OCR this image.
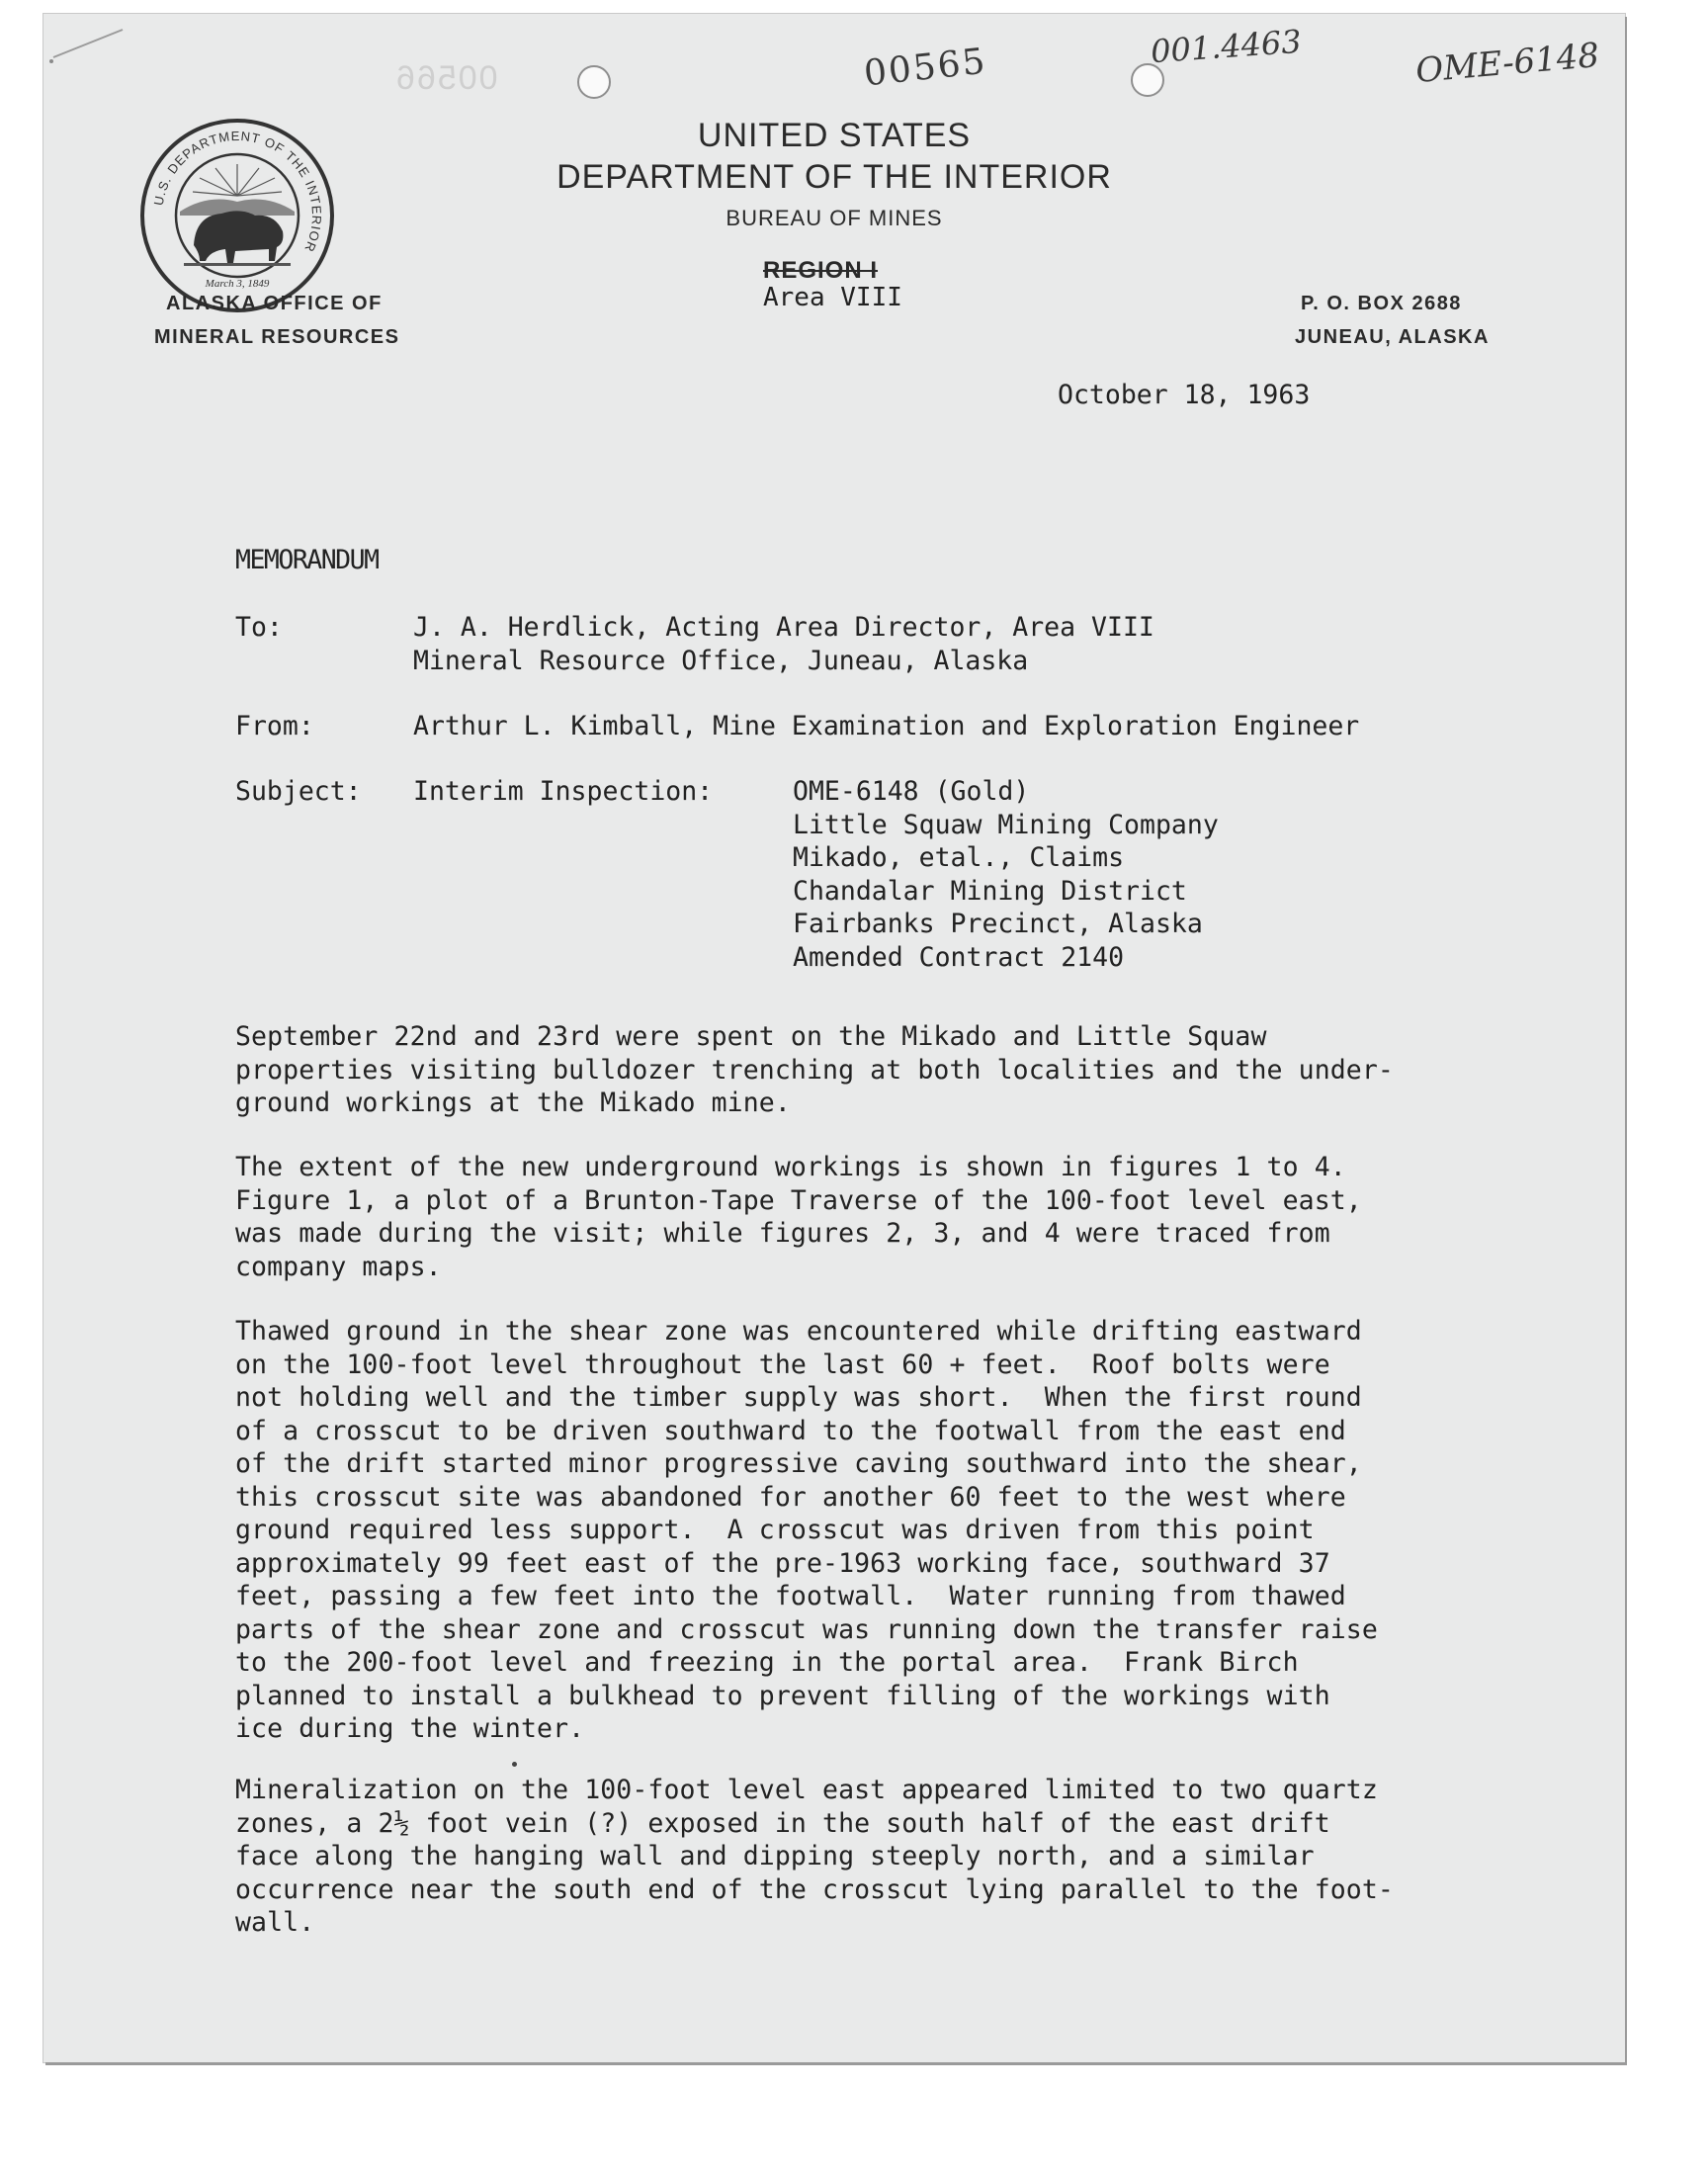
00566	00565	001.4463	OME-6148
U.S. DEPARTMENT OF THE INTERIOR
March 3, 1849
UNITED STATES
DEPARTMENT OF THE INTERIOR
BUREAU OF MINES
REGION I
Area VIII
ALASKA OFFICE OF
MINERAL RESOURCES
P. O. BOX 2688
JUNEAU, ALASKA
October 18, 1963
MEMORANDUM
To:	J. A. Herdlick, Acting Area Director, Area VIII
Mineral Resource Office, Juneau, Alaska
From:	Arthur L. Kimball, Mine Examination and Exploration Engineer
Subject: Interim Inspection:	OME-6148 (Gold)
Little Squaw Mining Company
Mikado, etal., Claims
Chandalar Mining District
Fairbanks Precinct, Alaska
Amended Contract 2140
September 22nd and 23rd were spent on the Mikado and Little Squaw
properties visiting bulldozer trenching at both localities and the under-
ground workings at the Mikado mine.
The extent of the new underground workings is shown in figures 1 to 4.
Figure 1, a plot of a Brunton-Tape Traverse of the 100-foot level east,
was made during the visit; while figures 2, 3, and 4 were traced from
company maps.
Thawed ground in the shear zone was encountered while drifting eastward
on the 100-foot level throughout the last 60 + feet.  Roof bolts were
not holding well and the timber supply was short.  When the first round
of a crosscut to be driven southward to the footwall from the east end
of the drift started minor progressive caving southward into the shear,
this crosscut site was abandoned for another 60 feet to the west where
ground required less support.  A crosscut was driven from this point
approximately 99 feet east of the pre-1963 working face, southward 37
feet, passing a few feet into the footwall.  Water running from thawed
parts of the shear zone and crosscut was running down the transfer raise
to the 200-foot level and freezing in the portal area.  Frank Birch
planned to install a bulkhead to prevent filling of the workings with
ice during the winter.
Mineralization on the 100-foot level east appeared limited to two quartz
zones, a 2½ foot vein (?) exposed in the south half of the east drift
face along the hanging wall and dipping steeply north, and a similar
occurrence near the south end of the crosscut lying parallel to the foot-
wall.
